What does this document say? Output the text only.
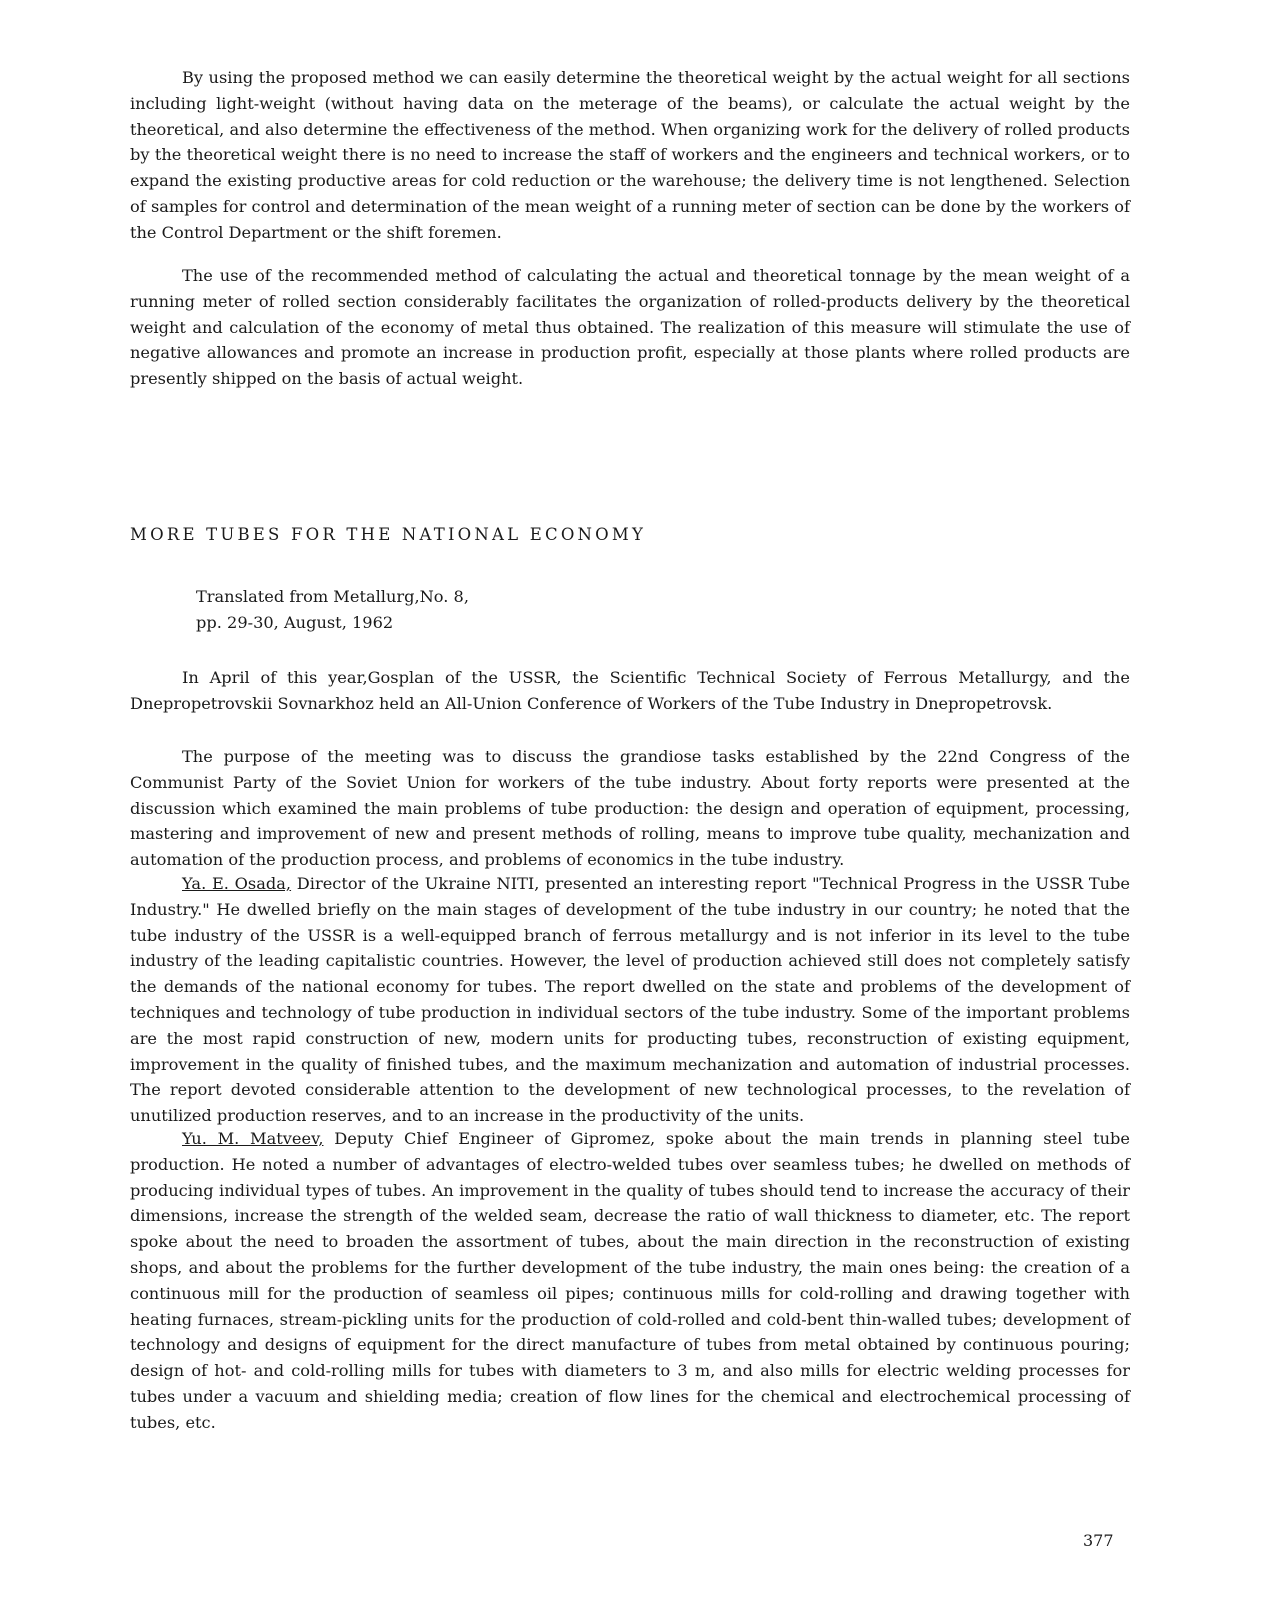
By using the proposed method we can easily determine the theoretical weight by the actual weight for all sections including light-weight (without having data on the meterage of the beams), or calculate the actual weight by the theoretical, and also determine the effectiveness of the method. When organizing work for the delivery of rolled products by the theoretical weight there is no need to increase the staff of workers and the engineers and technical workers, or to expand the existing productive areas for cold reduction or the warehouse; the delivery time is not lengthened. Selection of samples for control and determination of the mean weight of a running meter of section can be done by the workers of the Control Department or the shift foremen.

The use of the recommended method of calculating the actual and theoretical tonnage by the mean weight of a running meter of rolled section considerably facilitates the organization of rolled-products delivery by the theoretical weight and calculation of the economy of metal thus obtained. The realization of this measure will stimulate the use of negative allowances and promote an increase in production profit, especially at those plants where rolled products are presently shipped on the basis of actual weight.

MORE TUBES FOR THE NATIONAL ECONOMY
Translated from Metallurg,No. 8,
pp. 29-30, August, 1962

In April of this year,Gosplan of the USSR, the Scientific Technical Society of Ferrous Metallurgy, and the Dnepropetrovskii Sovnarkhoz held an All-Union Conference of Workers of the Tube Industry in Dnepropetrovsk.

The purpose of the meeting was to discuss the grandiose tasks established by the 22nd Congress of the Communist Party of the Soviet Union for workers of the tube industry. About forty reports were presented at the discussion which examined the main problems of tube production: the design and operation of equipment, processing, mastering and improvement of new and present methods of rolling, means to improve tube quality, mechanization and automation of the production process, and problems of economics in the tube industry.

Ya. E. Osada, Director of the Ukraine NITI, presented an interesting report "Technical Progress in the USSR Tube Industry." He dwelled briefly on the main stages of development of the tube industry in our country; he noted that the tube industry of the USSR is a well-equipped branch of ferrous metallurgy and is not inferior in its level to the tube industry of the leading capitalistic countries. However, the level of production achieved still does not completely satisfy the demands of the national economy for tubes. The report dwelled on the state and problems of the development of techniques and technology of tube production in individual sectors of the tube industry. Some of the important problems are the most rapid construction of new, modern units for producting tubes, reconstruction of existing equipment, improvement in the quality of finished tubes, and the maximum mechanization and automation of industrial processes. The report devoted considerable attention to the development of new technological processes, to the revelation of unutilized production reserves, and to an increase in the productivity of the units.

Yu. M. Matveev, Deputy Chief Engineer of Gipromez, spoke about the main trends in planning steel tube production. He noted a number of advantages of electro-welded tubes over seamless tubes; he dwelled on methods of producing individual types of tubes. An improvement in the quality of tubes should tend to increase the accuracy of their dimensions, increase the strength of the welded seam, decrease the ratio of wall thickness to diameter, etc. The report spoke about the need to broaden the assortment of tubes, about the main direction in the reconstruction of existing shops, and about the problems for the further development of the tube industry, the main ones being: the creation of a continuous mill for the production of seamless oil pipes; continuous mills for cold-rolling and drawing together with heating furnaces, stream-pickling units for the production of cold-rolled and cold-bent thin-walled tubes; development of technology and designs of equipment for the direct manufacture of tubes from metal obtained by continuous pouring; design of hot- and cold-rolling mills for tubes with diameters to 3 m, and also mills for electric welding processes for tubes under a vacuum and shielding media; creation of flow lines for the chemical and electrochemical processing of tubes, etc.

377
